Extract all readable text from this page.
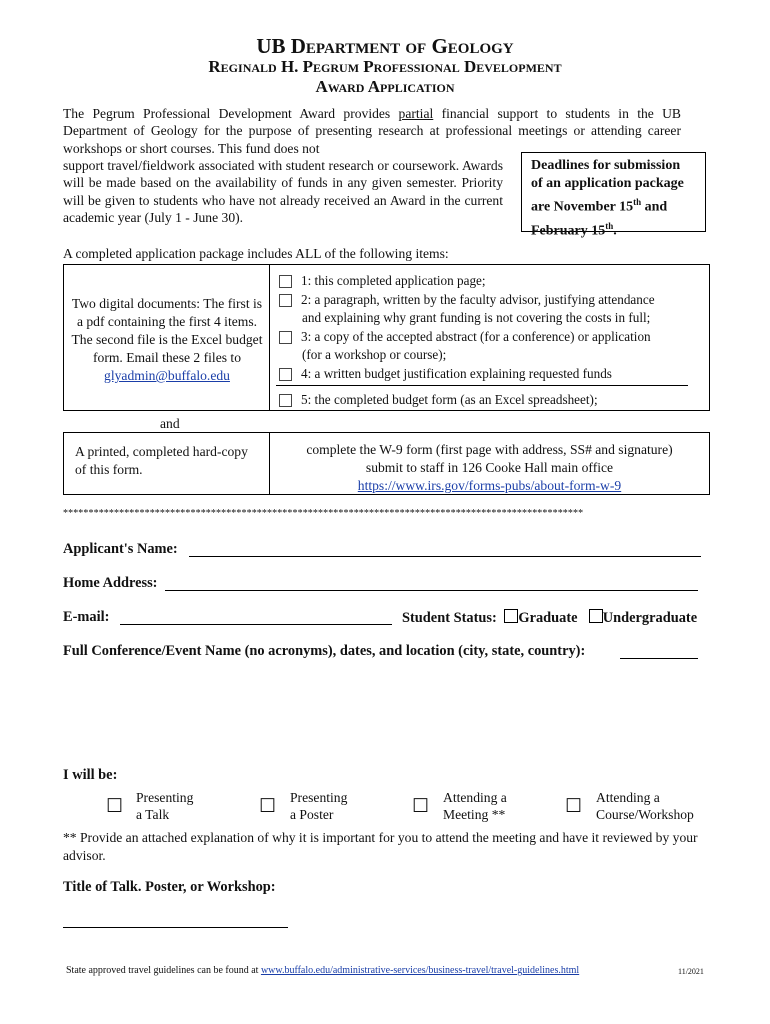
UB Department of Geology
Reginald H. Pegrum Professional Development
Award Application
The Pegrum Professional Development Award provides partial financial support to students in the UB Department of Geology for the purpose of presenting research at professional meetings or attending career workshops or short courses. This fund does not
support travel/fieldwork associated with student research or coursework. Awards will be made based on the availability of funds in any given semester. Priority will be given to students who have not already received an Award in the current academic year (July 1 - June 30).
Deadlines for submission
of an application package
are November 15th and
February 15th.
A completed application package includes ALL of the following items:
Two digital documents: The first is a pdf containing the first 4 items. The second file is the Excel budget form. Email these 2 files to
glyadmin@buffalo.edu
1: this completed application page;
2: a paragraph, written by the faculty advisor, justifying attendance
and explaining why grant funding is not covering the costs in full;
3: a copy of the accepted abstract (for a conference) or application
(for a workshop or course);
4: a written budget justification explaining requested funds
5: the completed budget form (as an Excel spreadsheet);
and
A printed, completed hard-copy of this form.
complete the W-9 form (first page with address, SS# and signature)
submit to staff in 126 Cooke Hall main office
https://www.irs.gov/forms-pubs/about-form-w-9
******************************************************************************************************
Applicant's Name:
Home Address:
E-mail:	Student Status: Graduate Undergraduate
Full Conference/Event Name (no acronyms), dates, and location (city, state, country):
I will be:
☐ Presenting
a Talk	☐ Presenting
a Poster	☐ Attending a
Meeting **	☐ Attending a
Course/Workshop
** Provide an attached explanation of why it is important for you to attend the meeting and have it reviewed by your advisor.
Title of Talk. Poster, or Workshop:
State approved travel guidelines can be found at www.buffalo.edu/administrative-services/business-travel/travel-guidelines.html	11/2021
